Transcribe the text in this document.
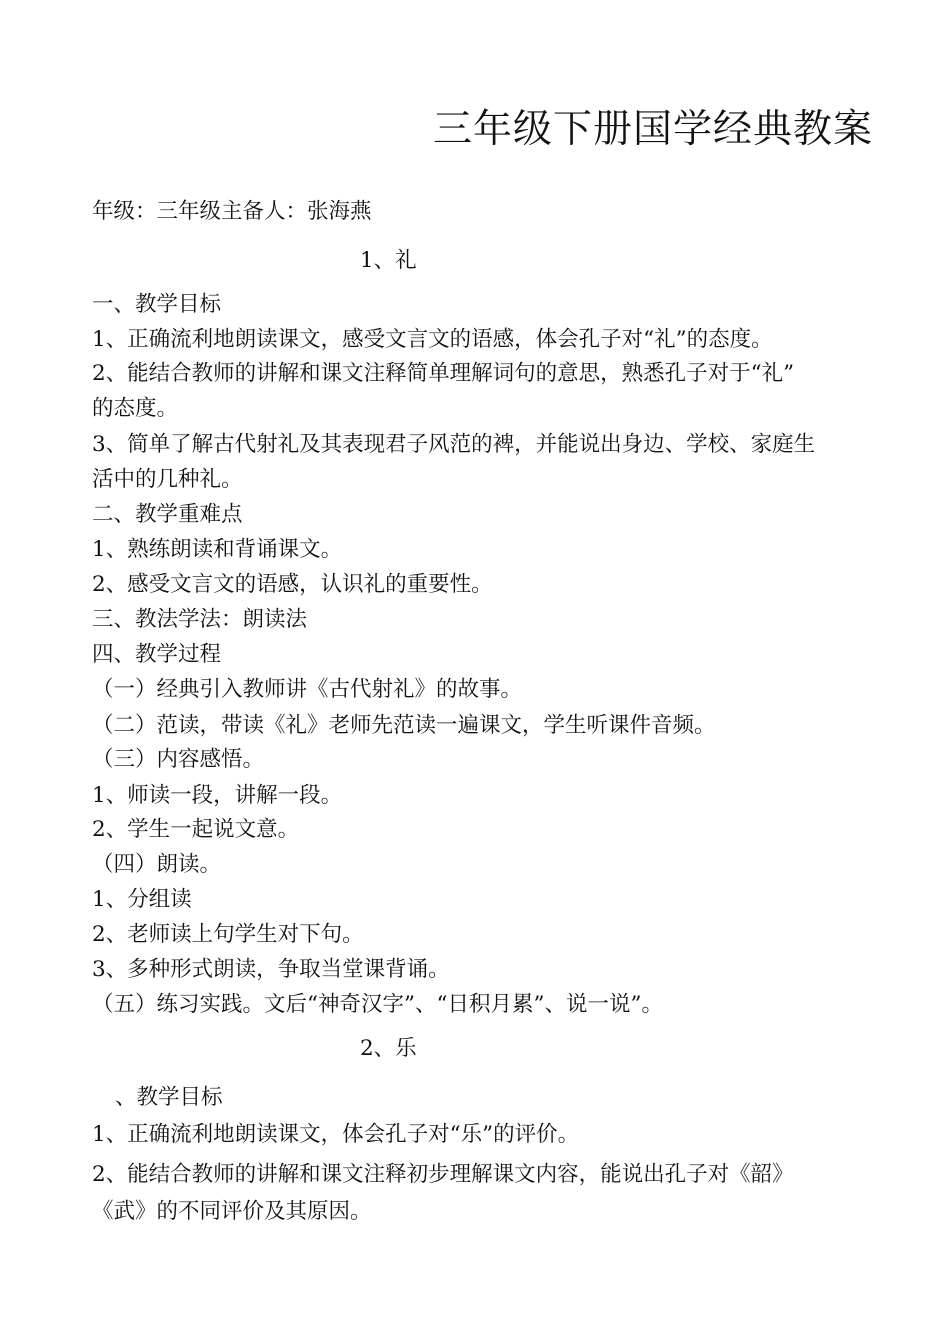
三年级下册国学经典教案
年级：三年级主备人：张海燕
1、礼
一、教学目标
1、正确流利地朗读课文，感受文言文的语感，体会孔子对“礼”的态度。
2、能结合教师的讲解和课文注释简单理解词句的意思，熟悉孔子对于“礼”
的态度。
3、简单了解古代射礼及其表现君子风范的裨，并能说出身边、学校、家庭生
活中的几种礼。
二、教学重难点
1、熟练朗读和背诵课文。
2、感受文言文的语感，认识礼的重要性。
三、教法学法：朗读法
四、教学过程
（一）经典引入教师讲《古代射礼》的故事。
（二）范读，带读《礼》老师先范读一遍课文，学生听课件音频。
（三）内容感悟。
1、师读一段，讲解一段。
2、学生一起说文意。
（四）朗读。
1、分组读
2、老师读上句学生对下句。
3、多种形式朗读，争取当堂课背诵。
（五）练习实践。文后“神奇汉字”、“日积月累”、说一说”。
2、乐
、教学目标
1、正确流利地朗读课文，体会孔子对“乐”的评价。
2、能结合教师的讲解和课文注释初步理解课文内容，能说出孔子对《韶》
《武》的不同评价及其原因。
